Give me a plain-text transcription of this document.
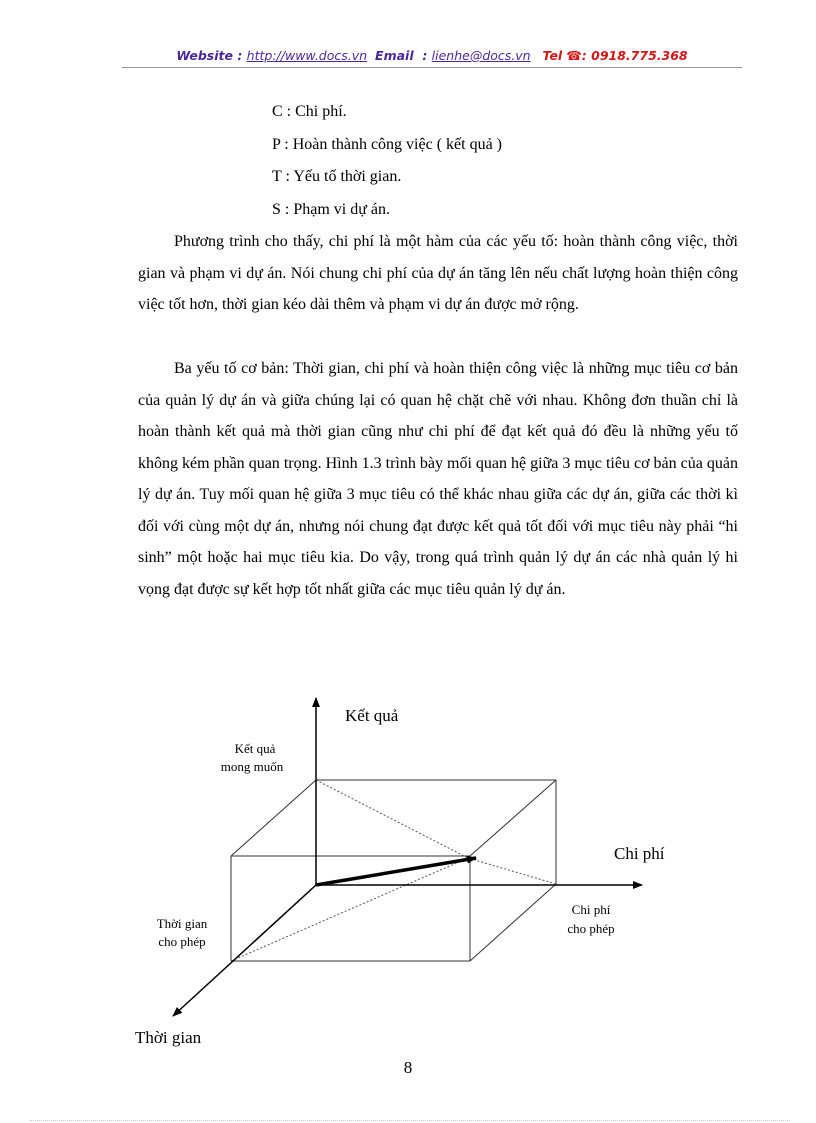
Website : http://www.docs.vn Email  : lienhe@docs.vn Tel ☎: 0918.775.368
C : Chi phí.
P : Hoàn thành công việc ( kết quả )
T : Yếu tố thời gian.
S : Phạm vi dự án.

Phương trình cho thấy, chi phí là một hàm của các yếu tố: hoàn thành công việc, thời gian và phạm vi dự án. Nói chung chi phí của dự án tăng lên nếu chất lượng hoàn thiện công việc tốt hơn, thời gian kéo dài thêm và phạm vi dự án được mở rộng.

Ba yếu tố cơ bản: Thời gian, chi phí và hoàn thiện công việc là những mục tiêu cơ bản của quản lý dự án và giữa chúng lại có quan hệ chặt chẽ với nhau. Không đơn thuần chỉ là hoàn thành kết quả mà thời gian cũng như chi phí để đạt kết quả đó đều là những yếu tố không kém phần quan trọng. Hình 1.3 trình bày mối quan hệ giữa 3 mục tiêu cơ bản của quản lý dự án. Tuy mối quan hệ giữa 3 mục tiêu có thể khác nhau giữa các dự án, giữa các thời kì đối với cùng một dự án, nhưng nói chung đạt được kết quả tốt đối với mục tiêu này phải “hi sinh” một hoặc hai mục tiêu kia. Do vậy, trong quá trình quản lý dự án các nhà quản lý hi vọng đạt được sự kết hợp tốt nhất giữa các mục tiêu quản lý dự án.

Kết quả
Kết quả
mong muốn
Chi phí
Chi phí
cho phép
Thời gian
cho phép
Thời gian
8
